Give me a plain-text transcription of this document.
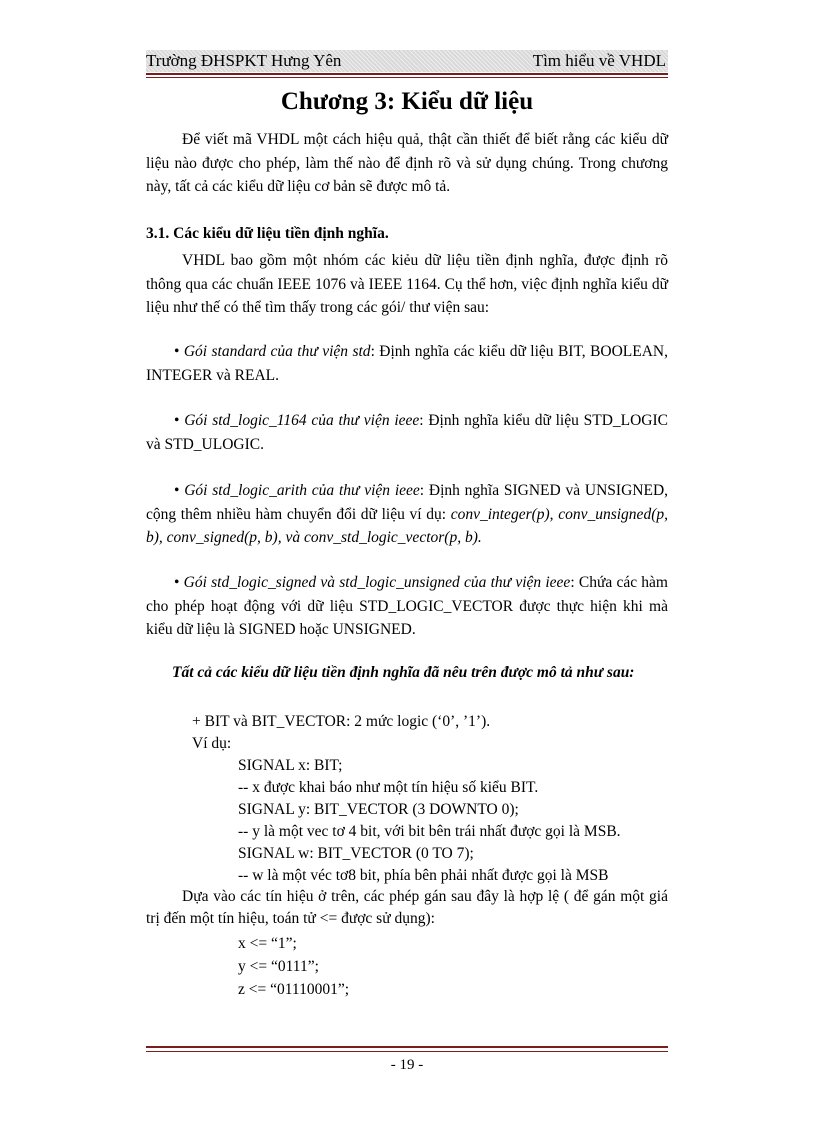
Trường ĐHSPKT Hưng Yên	Tìm hiểu về VHDL
Chương 3: Kiểu dữ liệu
Để viết mã VHDL một cách hiệu quả, thật cần thiết để biết rằng các kiểu dữ liệu nào được cho phép, làm thế nào để định rõ và sử dụng chúng. Trong chương này, tất cả các kiểu dữ liệu cơ bản sẽ được mô tả.
3.1. Các kiểu dữ liệu tiền định nghĩa.
VHDL bao gồm một nhóm các kiẻu dữ liệu tiền định nghĩa, được định rõ thông qua các chuẩn IEEE 1076 và IEEE 1164. Cụ thể hơn, việc định nghĩa kiểu dữ liệu như thế có thể tìm thấy trong các gói/ thư viện sau:
• Gói standard của thư viện std: Định nghĩa các kiểu dữ liệu BIT, BOOLEAN, INTEGER và REAL.
• Gói std_logic_1164 của thư viện ieee: Định nghĩa kiểu dữ liệu STD_LOGIC và STD_ULOGIC.
• Gói std_logic_arith của thư viện ieee: Định nghĩa SIGNED và UNSIGNED, cộng thêm nhiều hàm chuyển đổi dữ liệu ví dụ: conv_integer(p), conv_unsigned(p, b), conv_signed(p, b), và conv_std_logic_vector(p, b).
• Gói std_logic_signed và std_logic_unsigned của thư viện ieee: Chứa các hàm cho phép hoạt động với dữ liệu STD_LOGIC_VECTOR được thực hiện khi mà kiểu dữ liệu là SIGNED hoặc UNSIGNED.
Tất cả các kiểu dữ liệu tiền định nghĩa đã nêu trên được mô tả như sau:
+ BIT và BIT_VECTOR: 2 mức logic (‘0’, ’1’).
Ví dụ:
SIGNAL x: BIT;
-- x được khai báo như một tín hiệu số kiểu BIT.
SIGNAL y: BIT_VECTOR (3 DOWNTO 0);
-- y là một vec tơ 4 bit, với bit bên trái nhất được gọi là MSB.
SIGNAL w: BIT_VECTOR (0 TO 7);
-- w là một véc tơ8 bit, phía bên phải nhất được gọi là MSB
Dựa vào các tín hiệu ở trên, các phép gán sau đây là hợp lệ ( để gán một giá trị đến một tín hiệu, toán tử <= được sử dụng):
x <= “1”;
y <= “0111”;
z <= “01110001”;
- 19 -
